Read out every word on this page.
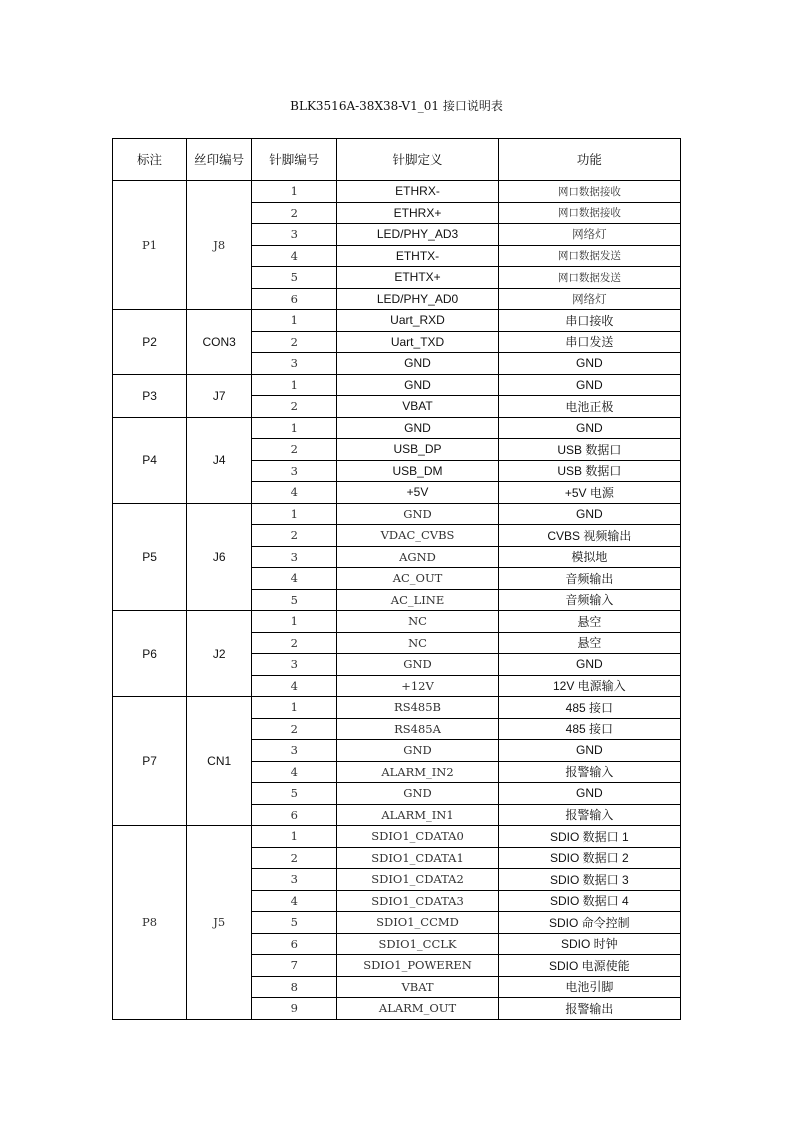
BLK3516A-38X38-V1_01 接口说明表
标注	丝印编号	针脚编号	针脚定义	功能
P1	J8	1	ETHRX-	网口数据接收
		2	ETHRX+	网口数据接收
		3	LED/PHY_AD3	网络灯
		4	ETHTX-	网口数据发送
		5	ETHTX+	网口数据发送
		6	LED/PHY_AD0	网络灯
P2	CON3	1	Uart_RXD	串口接收
		2	Uart_TXD	串口发送
		3	GND	GND
P3	J7	1	GND	GND
		2	VBAT	电池正极
P4	J4	1	GND	GND
		2	USB_DP	USB 数据口
		3	USB_DM	USB 数据口
		4	+5V	+5V 电源
P5	J6	1	GND	GND
		2	VDAC_CVBS	CVBS 视频输出
		3	AGND	模拟地
		4	AC_OUT	音频输出
		5	AC_LINE	音频输入
P6	J2	1	NC	悬空
		2	NC	悬空
		3	GND	GND
		4	+12V	12V 电源输入
P7	CN1	1	RS485B	485 接口
		2	RS485A	485 接口
		3	GND	GND
		4	ALARM_IN2	报警输入
		5	GND	GND
		6	ALARM_IN1	报警输入
P8	J5	1	SDIO1_CDATA0	SDIO 数据口 1
		2	SDIO1_CDATA1	SDIO 数据口 2
		3	SDIO1_CDATA2	SDIO 数据口 3
		4	SDIO1_CDATA3	SDIO 数据口 4
		5	SDIO1_CCMD	SDIO 命令控制
		6	SDIO1_CCLK	SDIO 时钟
		7	SDIO1_POWEREN	SDIO 电源使能
		8	VBAT	电池引脚
		9	ALARM_OUT	报警输出
